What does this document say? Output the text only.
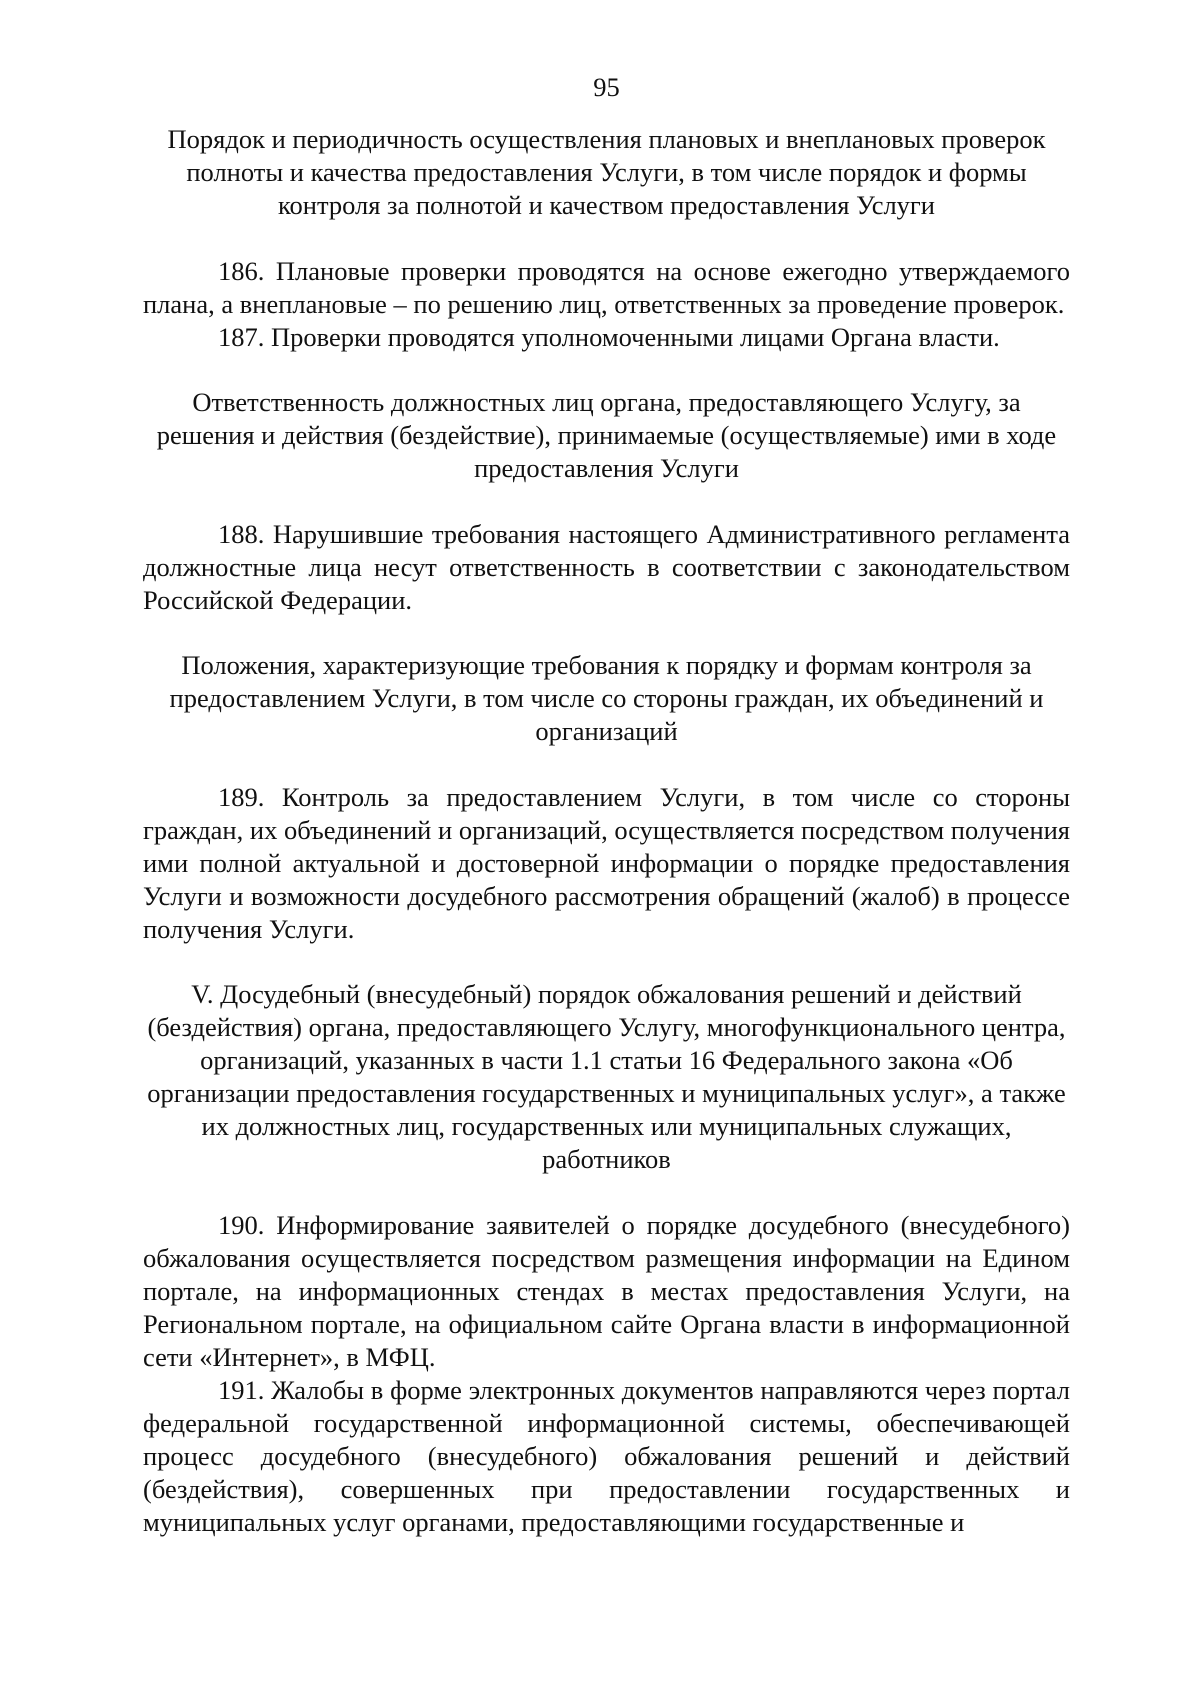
95

Порядок и периодичность осуществления плановых и внеплановых проверок полноты и качества предоставления Услуги, в том числе порядок и формы контроля за полнотой и качеством предоставления Услуги

186. Плановые проверки проводятся на основе ежегодно утверждаемого плана, а внеплановые – по решению лиц, ответственных за проведение проверок.

187. Проверки проводятся уполномоченными лицами Органа власти.

Ответственность должностных лиц органа, предоставляющего Услугу, за решения и действия (бездействие), принимаемые (осуществляемые) ими в ходе предоставления Услуги

188. Нарушившие требования настоящего Административного регламента должностные лица несут ответственность в соответствии с законодательством Российской Федерации.

Положения, характеризующие требования к порядку и формам контроля за предоставлением Услуги, в том числе со стороны граждан, их объединений и организаций

189. Контроль за предоставлением Услуги, в том числе со стороны граждан, их объединений и организаций, осуществляется посредством получения ими полной актуальной и достоверной информации о порядке предоставления Услуги и возможности досудебного рассмотрения обращений (жалоб) в процессе получения Услуги.

V. Досудебный (внесудебный) порядок обжалования решений и действий (бездействия) органа, предоставляющего Услугу, многофункционального центра, организаций, указанных в части 1.1 статьи 16 Федерального закона «Об организации предоставления государственных и муниципальных услуг», а также их должностных лиц, государственных или муниципальных служащих, работников

190. Информирование заявителей о порядке досудебного (внесудебного) обжалования осуществляется посредством размещения информации на Едином портале, на информационных стендах в местах предоставления Услуги, на Региональном портале, на официальном сайте Органа власти в информационной сети «Интернет», в МФЦ.

191. Жалобы в форме электронных документов направляются через портал федеральной государственной информационной системы, обеспечивающей процесс досудебного (внесудебного) обжалования решений и действий (бездействия), совершенных при предоставлении государственных и муниципальных услуг органами, предоставляющими государственные и
